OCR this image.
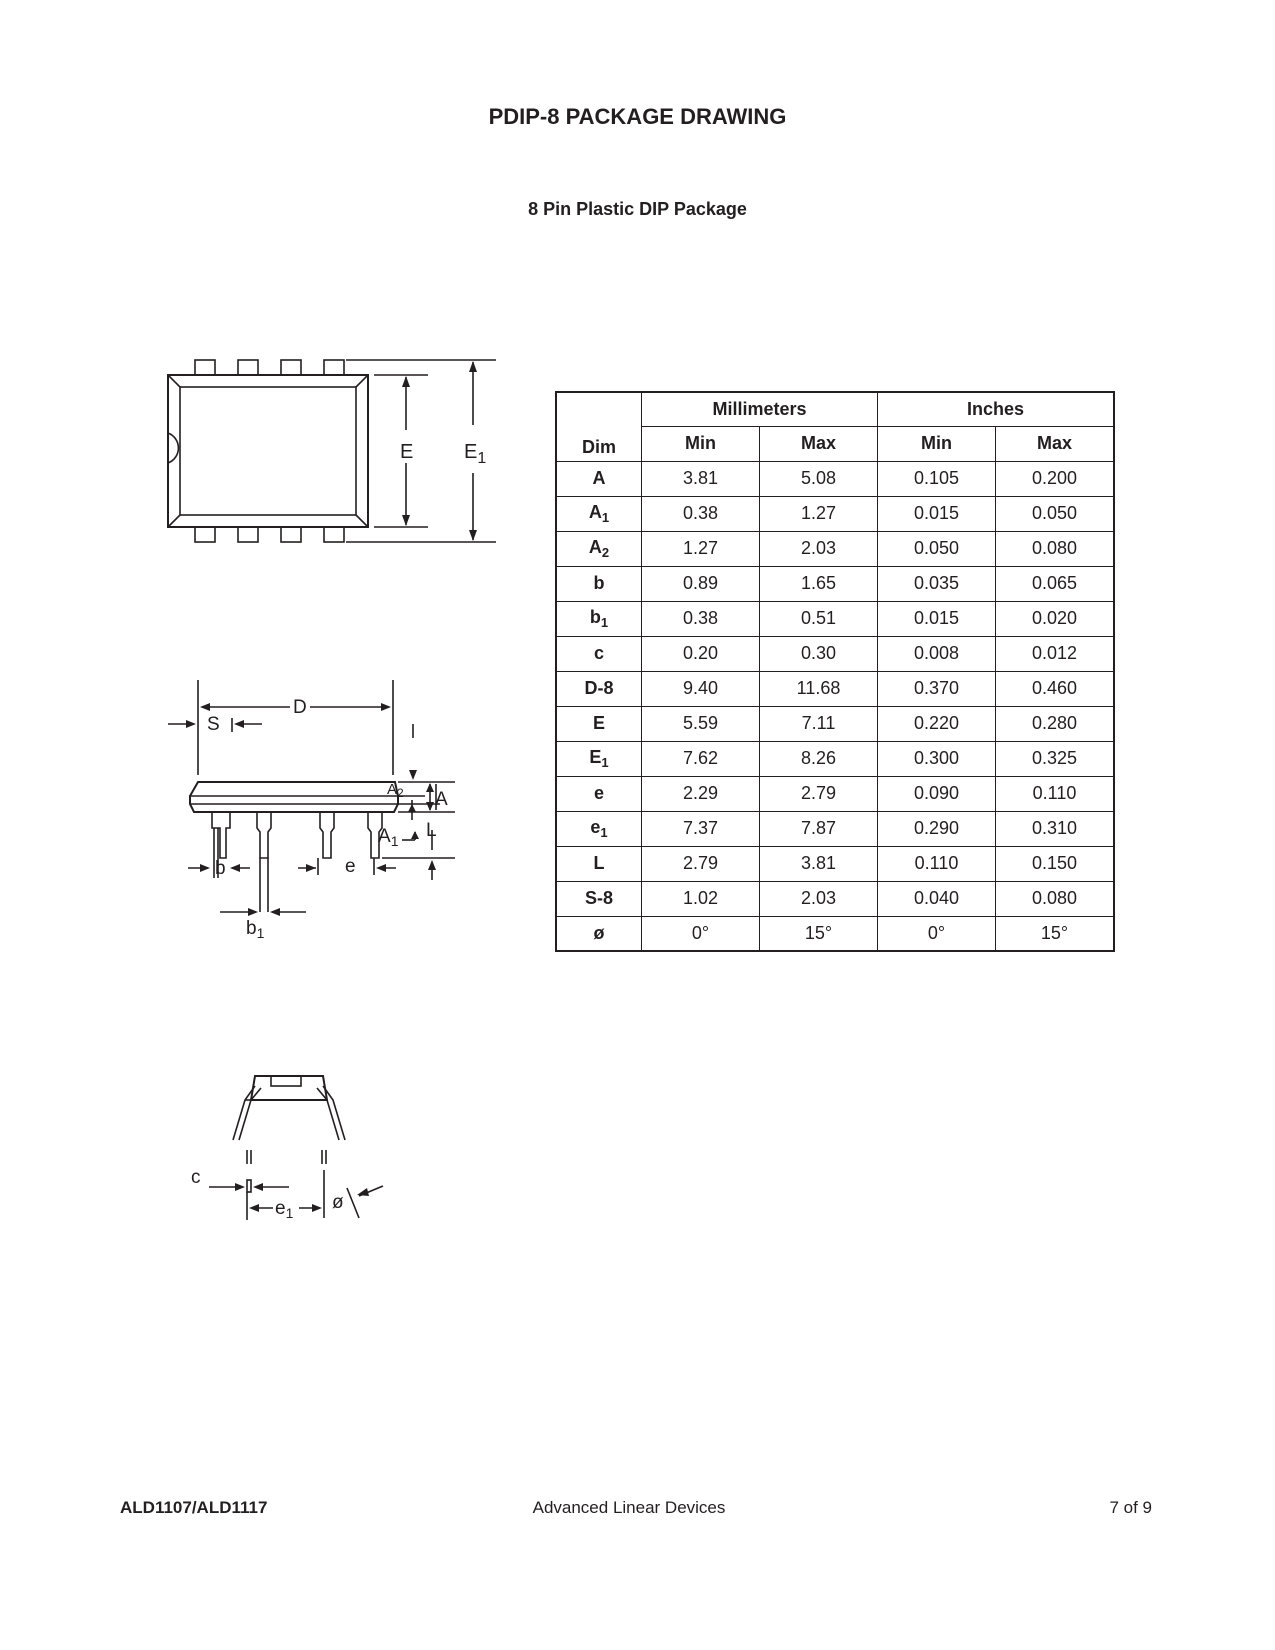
PDIP-8 PACKAGE DRAWING
8 Pin Plastic DIP Package
E	$E_1$
D
S
$A_2$ A
$A_1$ L
b	e
$b_1$
c
$e_1$ ø
Dim	Millimeters		Inches	
	Min	Max	Min	Max
A	3.81	5.08	0.105	0.200
$A_1$	0.38	1.27	0.015	0.050
$A_2$	1.27	2.03	0.050	0.080
b	0.89	1.65	0.035	0.065
$b_1$	0.38	0.51	0.015	0.020
c	0.20	0.30	0.008	0.012
D-8	9.40	11.68	0.370	0.460
E	5.59	7.11	0.220	0.280
$E_1$	7.62	8.26	0.300	0.325
e	2.29	2.79	0.090	0.110
$e_1$	7.37	7.87	0.290	0.310
L	2.79	3.81	0.110	0.150
S-8	1.02	2.03	0.040	0.080
ø	0°	15°	0°	15°
ALD1107/ALD1117	Advanced Linear Devices	7 of 9
